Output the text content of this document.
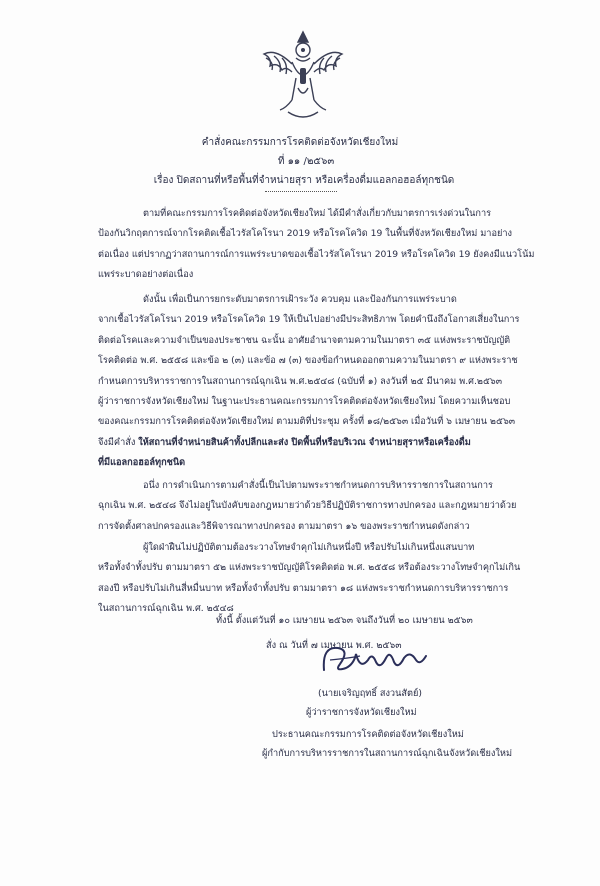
คำสั่งคณะกรรมการโรคติดต่อจังหวัดเชียงใหม่
ที่ ๑๑ /๒๕๖๓
เรื่อง ปิดสถานที่หรือพื้นที่จำหน่ายสุรา หรือเครื่องดื่มแอลกอฮอล์ทุกชนิด
ตามที่คณะกรรมการโรคติดต่อจังหวัดเชียงใหม่ ได้มีคำสั่งเกี่ยวกับมาตรการเร่งด่วนในการ
ป้องกันวิกฤตการณ์จากโรคติดเชื้อไวรัสโคโรนา 2019 หรือโรคโควิด 19 ในพื้นที่จังหวัดเชียงใหม่ มาอย่าง
ต่อเนื่อง แต่ปรากฏว่าสถานการณ์การแพร่ระบาดของเชื้อไวรัสโคโรนา 2019 หรือโรคโควิด 19 ยังคงมีแนวโน้ม
แพร่ระบาดอย่างต่อเนื่อง
ดังนั้น เพื่อเป็นการยกระดับมาตรการเฝ้าระวัง ควบคุม และป้องกันการแพร่ระบาด
จากเชื้อไวรัสโคโรนา 2019 หรือโรคโควิด 19 ให้เป็นไปอย่างมีประสิทธิภาพ โดยคำนึงถึงโอกาสเสี่ยงในการ
ติดต่อโรคและความจำเป็นของประชาชน ฉะนั้น อาศัยอำนาจตามความในมาตรา ๓๕ แห่งพระราชบัญญัติ
โรคติดต่อ พ.ศ. ๒๕๕๘ และข้อ ๒ (๓) และข้อ ๗ (๓) ของข้อกำหนดออกตามความในมาตรา ๙ แห่งพระราช
กำหนดการบริหารราชการในสถานการณ์ฉุกเฉิน พ.ศ.๒๕๔๘ (ฉบับที่ ๑) ลงวันที่ ๒๕ มีนาคม พ.ศ.๒๕๖๓
ผู้ว่าราชการจังหวัดเชียงใหม่ ในฐานะประธานคณะกรรมการโรคติดต่อจังหวัดเชียงใหม่ โดยความเห็นชอบ
ของคณะกรรมการโรคติดต่อจังหวัดเชียงใหม่ ตามมติที่ประชุม ครั้งที่ ๑๘/๒๕๖๓ เมื่อวันที่ ๖ เมษายน ๒๕๖๓
จึงมีคำสั่ง ให้สถานที่จำหน่ายสินค้าทั้งปลีกและส่ง ปิดพื้นที่หรือบริเวณ จำหน่ายสุราหรือเครื่องดื่ม
ที่มีแอลกอฮอล์ทุกชนิด
อนึ่ง การดำเนินการตามคำสั่งนี้เป็นไปตามพระราชกำหนดการบริหารราชการในสถานการ
ฉุกเฉิน พ.ศ. ๒๕๔๘ จึงไม่อยู่ในบังคับของกฎหมายว่าด้วยวิธีปฏิบัติราชการทางปกครอง และกฎหมายว่าด้วย
การจัดตั้งศาลปกครองและวิธีพิจารณาทางปกครอง ตามมาตรา ๑๖ ของพระราชกำหนดดังกล่าว
ผู้ใดฝ่าฝืนไม่ปฏิบัติตามต้องระวางโทษจำคุกไม่เกินหนึ่งปี หรือปรับไม่เกินหนึ่งแสนบาท
หรือทั้งจำทั้งปรับ ตามมาตรา ๕๒ แห่งพระราชบัญญัติโรคติดต่อ พ.ศ. ๒๕๕๘ หรือต้องระวางโทษจำคุกไม่เกิน
สองปี หรือปรับไม่เกินสี่หมื่นบาท หรือทั้งจำทั้งปรับ ตามมาตรา ๑๘ แห่งพระราชกำหนดการบริหารราชการ
ในสถานการณ์ฉุกเฉิน พ.ศ. ๒๕๔๘
ทั้งนี้ ตั้งแต่วันที่ ๑๐ เมษายน ๒๕๖๓ จนถึงวันที่ ๒๐ เมษายน ๒๕๖๓
สั่ง ณ วันที่ ๗ เมษายน พ.ศ. ๒๕๖๓
(นายเจริญฤทธิ์ สงวนสัตย์)
ผู้ว่าราชการจังหวัดเชียงใหม่
ประธานคณะกรรมการโรคติดต่อจังหวัดเชียงใหม่
ผู้กำกับการบริหารราชการในสถานการณ์ฉุกเฉินจังหวัดเชียงใหม่
